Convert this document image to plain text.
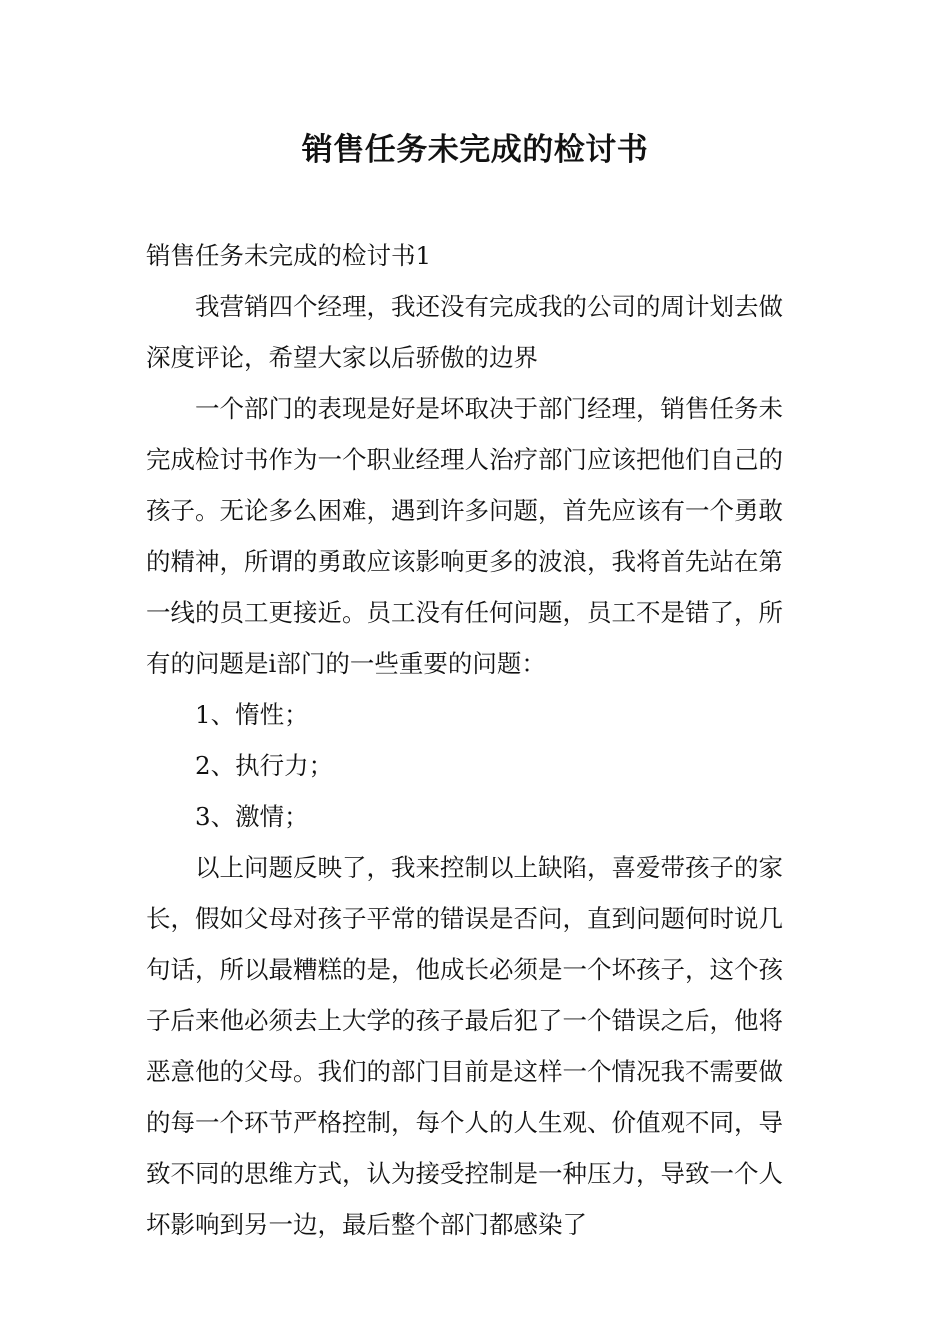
销售任务未完成的检讨书

销售任务未完成的检讨书1

我营销四个经理，我还没有完成我的公司的周计划去做深度评论，希望大家以后骄傲的边界

一个部门的表现是好是坏取决于部门经理，销售任务未完成检讨书作为一个职业经理人治疗部门应该把他们自己的孩子。无论多么困难，遇到许多问题，首先应该有一个勇敢的精神，所谓的勇敢应该影响更多的波浪，我将首先站在第一线的员工更接近。员工没有任何问题，员工不是错了，所有的问题是i部门的一些重要的问题：

1、惰性；

2、执行力；

3、激情；

以上问题反映了，我来控制以上缺陷，喜爱带孩子的家长，假如父母对孩子平常的错误是否问，直到问题何时说几句话，所以最糟糕的是，他成长必须是一个坏孩子，这个孩子后来他必须去上大学的孩子最后犯了一个错误之后，他将恶意他的父母。我们的部门目前是这样一个情况我不需要做的每一个环节严格控制，每个人的人生观、价值观不同，导致不同的思维方式，认为接受控制是一种压力，导致一个人坏影响到另一边，最后整个部门都感染了
